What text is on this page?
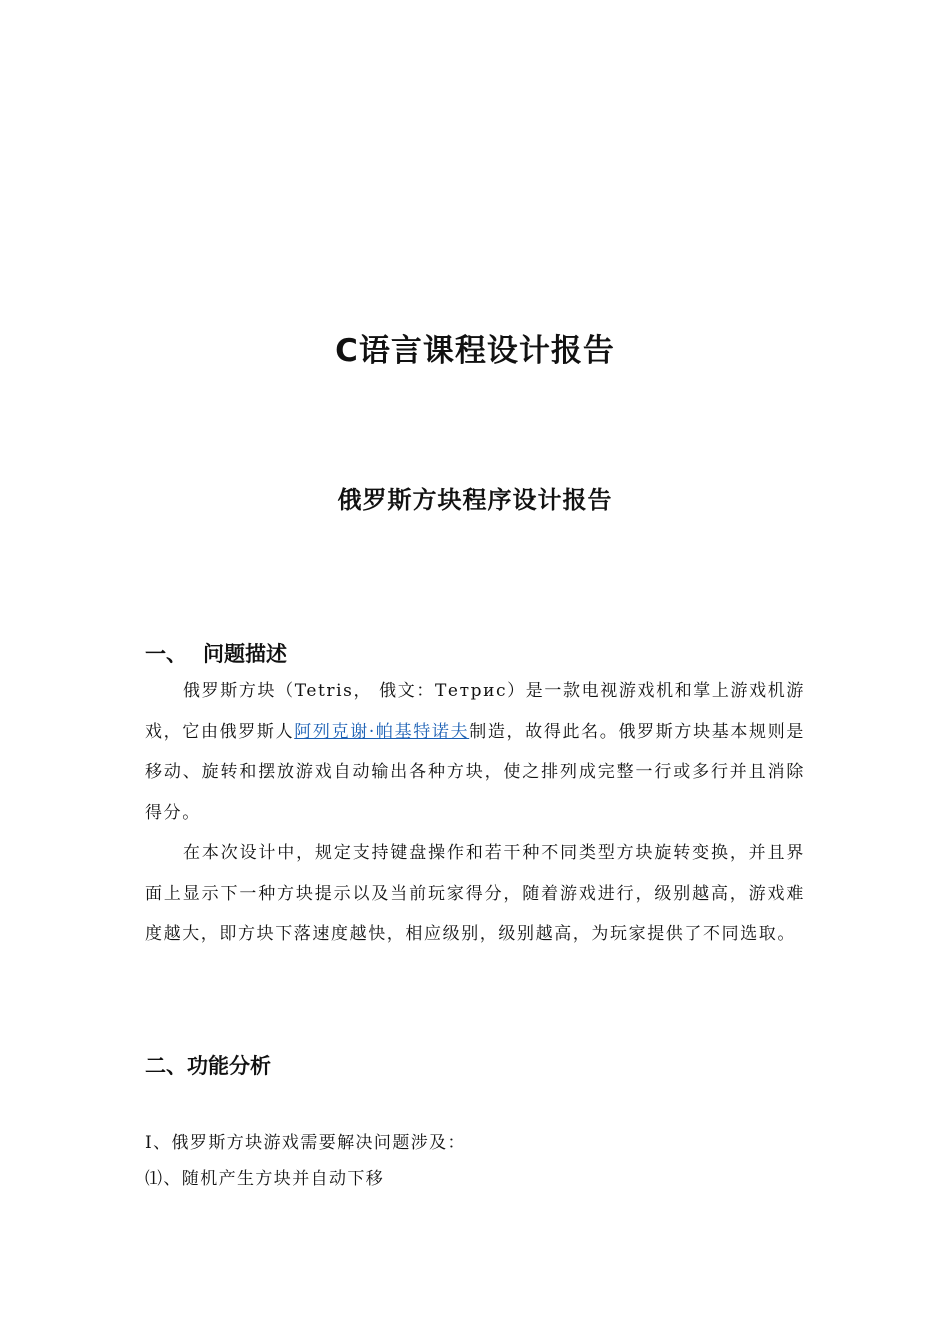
C语言课程设计报告
俄罗斯方块程序设计报告
一、 问题描述

俄罗斯方块（Tetris， 俄文：Тетрис）是一款电视游戏机和掌上游戏机游戏，它由俄罗斯人阿列克谢·帕基特诺夫制造，故得此名。俄罗斯方块基本规则是移动、旋转和摆放游戏自动输出各种方块，使之排列成完整一行或多行并且消除得分。

在本次设计中，规定支持键盘操作和若干种不同类型方块旋转变换，并且界面上显示下一种方块提示以及当前玩家得分，随着游戏进行，级别越高，游戏难度越大，即方块下落速度越快，相应级别，级别越高，为玩家提供了不同选取。

二、功能分析

Ⅰ、俄罗斯方块游戏需要解决问题涉及：

⑴、随机产生方块并自动下移
